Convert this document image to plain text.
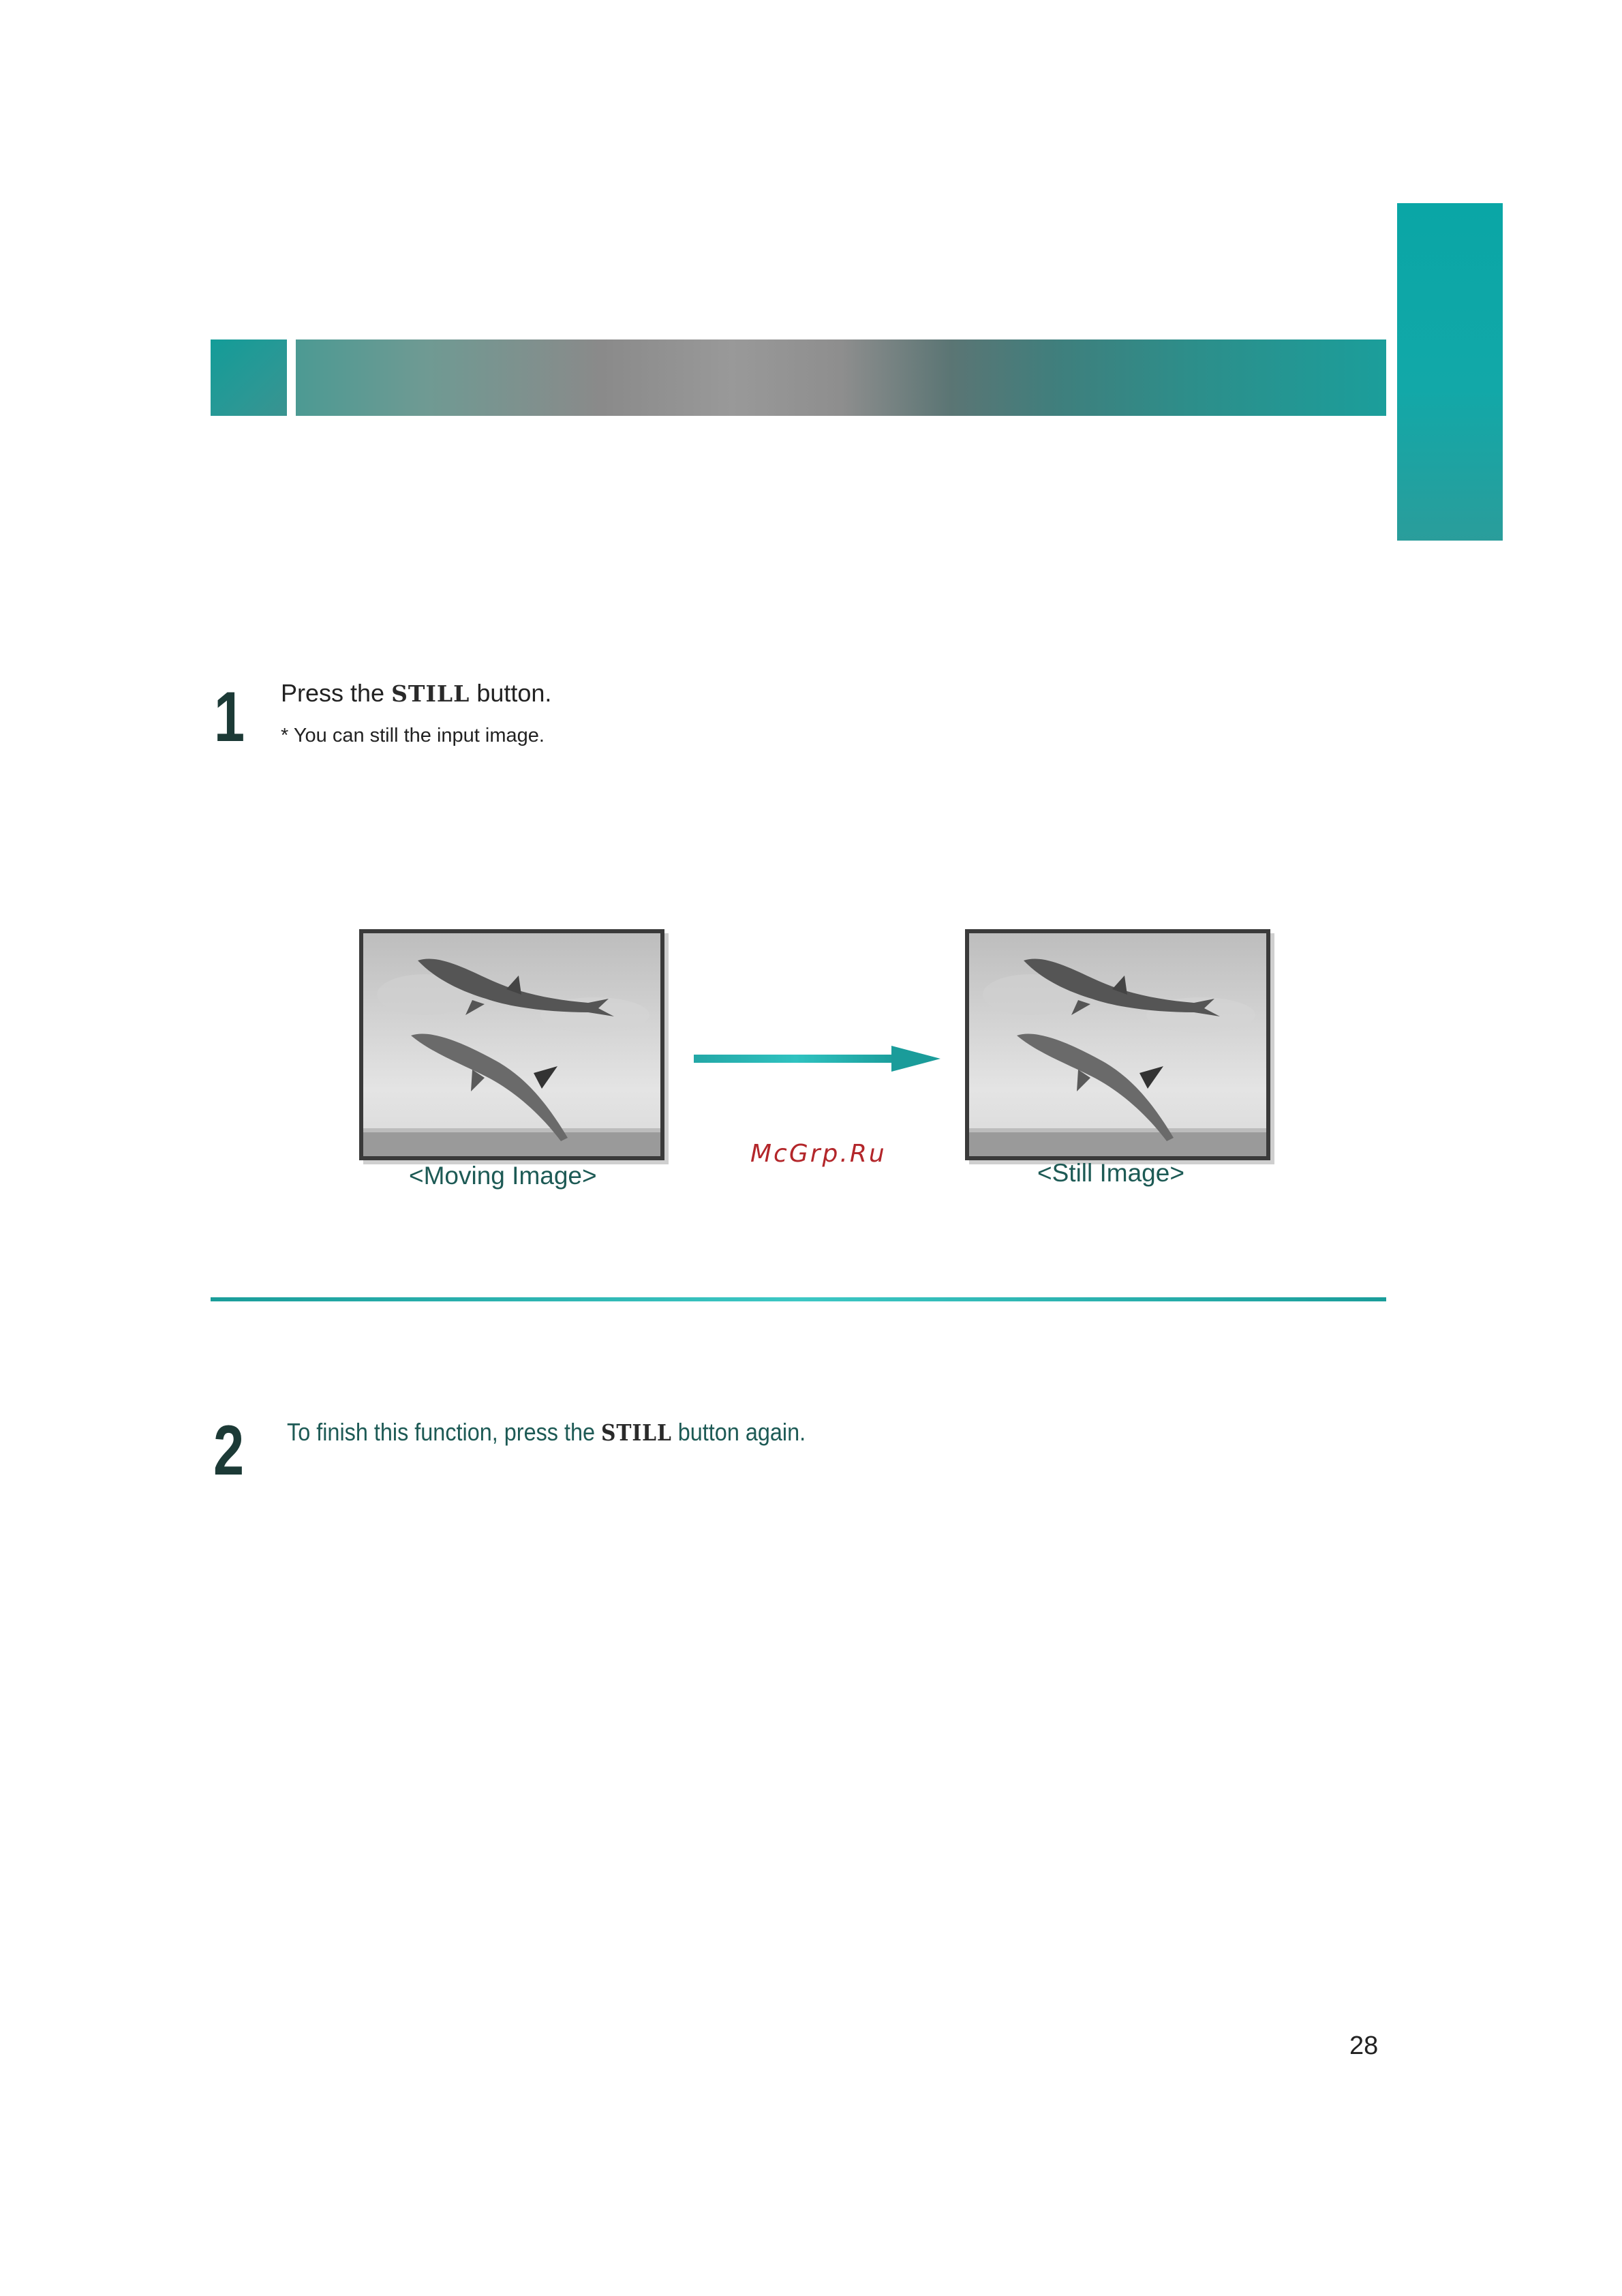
1 Press the STILL button.
* You can still the input image.
<Moving Image>	<Still Image>
McGrp.Ru
2 To finish this function, press the STILL button again.
28
